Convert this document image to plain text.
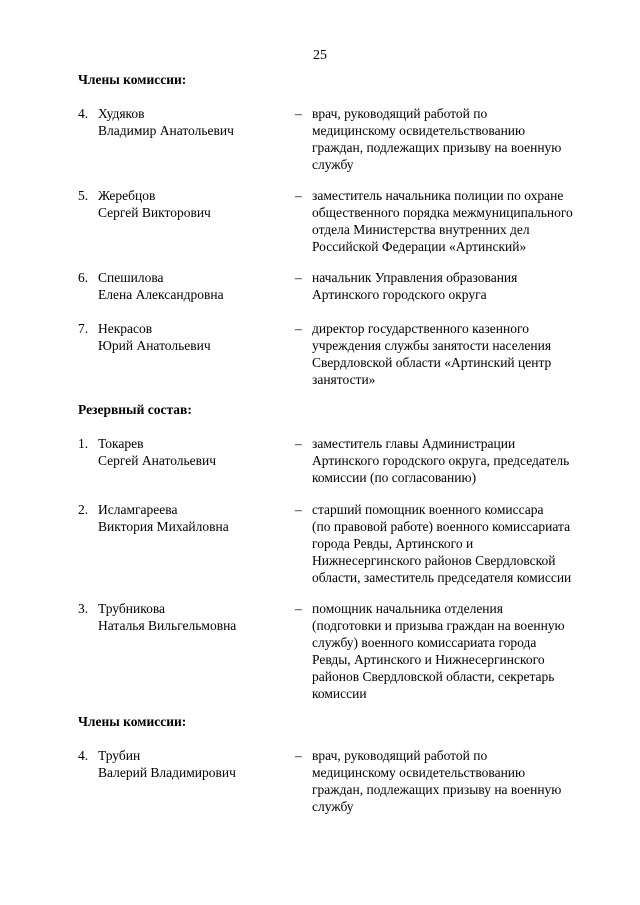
25
Члены комиссии:
4. Худяков
Владимир Анатольевич
– врач, руководящий работой по
медицинскому освидетельствованию
граждан, подлежащих призыву на военную
службу
5. Жеребцов
Сергей Викторович
– заместитель начальника полиции по охране
общественного порядка межмуниципального
отдела Министерства внутренних дел
Российской Федерации «Артинский»
6. Спешилова
Елена Александровна
– начальник Управления образования
Артинского городского округа
7. Некрасов
Юрий Анатольевич
– директор государственного казенного
учреждения службы занятости населения
Свердловской области «Артинский центр
занятости»
Резервный состав:
1. Токарев
Сергей Анатольевич
– заместитель главы Администрации
Артинского городского округа, председатель
комиссии (по согласованию)
2. Исламгареева
Виктория Михайловна
– старший помощник военного комиссара
(по правовой работе) военного комиссариата
города Ревды, Артинского и
Нижнесергинского районов Свердловской
области, заместитель председателя комиссии
3. Трубникова
Наталья Вильгельмовна
– помощник начальника отделения
(подготовки и призыва граждан на военную
службу) военного комиссариата города
Ревды, Артинского и Нижнесергинского
районов Свердловской области, секретарь
комиссии
Члены комиссии:
4. Трубин
Валерий Владимирович
– врач, руководящий работой по
медицинскому освидетельствованию
граждан, подлежащих призыву на военную
службу
